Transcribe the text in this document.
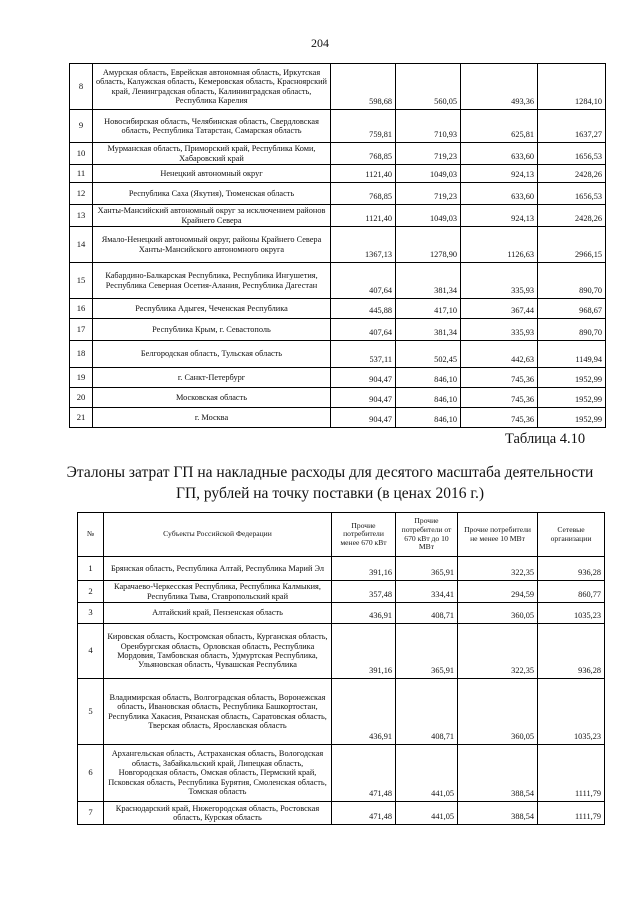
204
8	Амурская область, Еврейская автономная область, Иркутская область, Калужская область, Кемеровская область, Красноярский край, Ленинградская область, Калининградская область, Республика Карелия	598,68	560,05	493,36	1284,10
9	Новосибирская область, Челябинская область, Свердловская область, Республика Татарстан, Самарская область	759,81	710,93	625,81	1637,27
10	Мурманская область, Приморский край, Республика Коми, Хабаровский край	768,85	719,23	633,60	1656,53
11	Ненецкий автономный округ	1121,40	1049,03	924,13	2428,26
12	Республика Саха (Якутия), Тюменская область	768,85	719,23	633,60	1656,53
13	Ханты-Мансийский автономный округ за исключением районов Крайнего Севера	1121,40	1049,03	924,13	2428,26
14	Ямало-Ненецкий автономный округ, районы Крайнего Севера Ханты-Мансийского автономного округа	1367,13	1278,90	1126,63	2966,15
15	Кабардино-Балкарская Республика, Республика Ингушетия, Республика Северная Осетия-Алания, Республика Дагестан	407,64	381,34	335,93	890,70
16	Республика Адыгея, Чеченская Республика	445,88	417,10	367,44	968,67
17	Республика Крым, г. Севастополь	407,64	381,34	335,93	890,70
18	Белгородская область, Тульская область	537,11	502,45	442,63	1149,94
19	г. Санкт-Петербург	904,47	846,10	745,36	1952,99
20	Московская область	904,47	846,10	745,36	1952,99
21	г. Москва	904,47	846,10	745,36	1952,99
Таблица 4.10
Эталоны затрат ГП на накладные расходы для десятого масштаба деятельности ГП, рублей на точку поставки (в ценах 2016 г.)
№	Субъекты Российской Федерации	Прочие потребители менее 670 кВт	Прочие потребители от 670 кВт до 10 МВт	Прочие потребители не менее 10 МВт	Сетевые организации
1	Брянская область, Республика Алтай, Республика Марий Эл	391,16	365,91	322,35	936,28
2	Карачаево-Черкесская Республика, Республика Калмыкия, Республика Тыва, Ставропольский край	357,48	334,41	294,59	860,77
3	Алтайский край, Пензенская область	436,91	408,71	360,05	1035,23
4	Кировская область, Костромская область, Курганская область, Оренбургская область, Орловская область, Республика Мордовия, Тамбовская область, Удмуртская Республика, Ульяновская область, Чувашская Республика	391,16	365,91	322,35	936,28
5	Владимирская область, Волгоградская область, Воронежская область, Ивановская область, Республика Башкортостан, Республика Хакасия, Рязанская область, Саратовская область, Тверская область, Ярославская область	436,91	408,71	360,05	1035,23
6	Архангельская область, Астраханская область, Вологодская область, Забайкальский край, Липецкая область, Новгородская область, Омская область, Пермский край, Псковская область, Республика Бурятия, Смоленская область, Томская область	471,48	441,05	388,54	1111,79
7	Краснодарский край, Нижегородская область, Ростовская область, Курская область	471,48	441,05	388,54	1111,79
